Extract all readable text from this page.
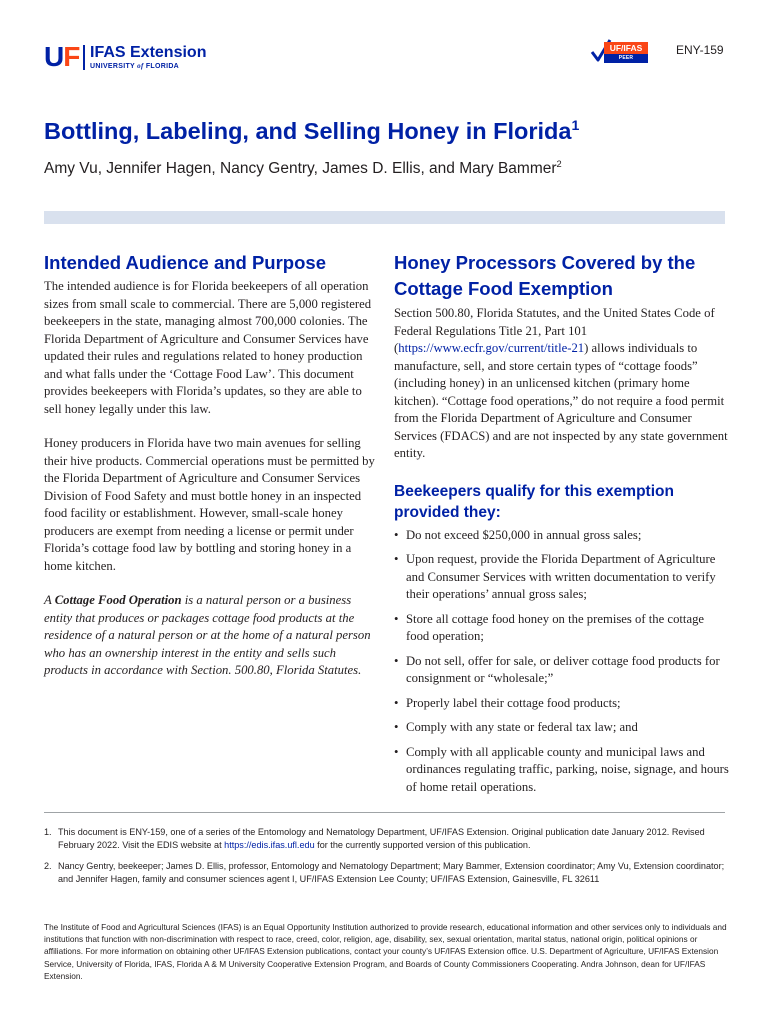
UF IFAS Extension
UNIVERSITY of FLORIDA
UF/IFAS
PEER REVIEWED
ENY-159
Bottling, Labeling, and Selling Honey in Florida$^1$
Amy Vu, Jennifer Hagen, Nancy Gentry, James D. Ellis, and Mary Bammer$^2$
Intended Audience and Purpose

The intended audience is for Florida beekeepers of all operation sizes from small scale to commercial. There are 5,000 registered beekeepers in the state, managing almost 700,000 colonies. The Florida Department of Agriculture and Consumer Services have updated their rules and regulations related to honey production and what falls under the ‘Cottage Food Law’. This document provides beekeepers with Florida’s updates, so they are able to sell honey legally under this law.

Honey producers in Florida have two main avenues for selling their hive products. Commercial operations must be permitted by the Florida Department of Agriculture and Consumer Services Division of Food Safety and must bottle honey in an inspected food facility or establishment. However, small-scale honey producers are exempt from needing a license or permit under Florida’s cottage food law by bottling and storing honey in a home kitchen.

A Cottage Food Operation is a natural person or a business entity that produces or packages cottage food products at the residence of a natural person or at the home of a natural person who has an ownership interest in the entity and sells such products in accordance with Section. 500.80, Florida Statutes.

Honey Processors Covered by the Cottage Food Exemption

Section 500.80, Florida Statutes, and the United States Code of Federal Regulations Title 21, Part 101 (https://www.ecfr.gov/current/title-21) allows individuals to manufacture, sell, and store certain types of “cottage foods” (including honey) in an unlicensed kitchen (primary home kitchen). “Cottage food operations,” do not require a food permit from the Florida Department of Agriculture and Consumer Services (FDACS) and are not inspected by any state government entity.

Beekeepers qualify for this exemption provided they:
• Do not exceed $250,000 in annual gross sales;
• Upon request, provide the Florida Department of Agriculture and Consumer Services with written documentation to verify their operations’ annual gross sales;
• Store all cottage food honey on the premises of the cottage food operation;
• Do not sell, offer for sale, or deliver cottage food products for consignment or “wholesale;”
• Properly label their cottage food products;
• Comply with any state or federal tax law; and
• Comply with all applicable county and municipal laws and ordinances regulating traffic, parking, noise, signage, and hours of home retail operations.
1. This document is ENY-159, one of a series of the Entomology and Nematology Department, UF/IFAS Extension. Original publication date January 2012. Revised February 2022. Visit the EDIS website at https://edis.ifas.ufl.edu for the currently supported version of this publication.
2. Nancy Gentry, beekeeper; James D. Ellis, professor, Entomology and Nematology Department; Mary Bammer, Extension coordinator; Amy Vu, Extension coordinator; and Jennifer Hagen, family and consumer sciences agent I, UF/IFAS Extension Lee County; UF/IFAS Extension, Gainesville, FL 32611
The Institute of Food and Agricultural Sciences (IFAS) is an Equal Opportunity Institution authorized to provide research, educational information and other services only to individuals and institutions that function with non-discrimination with respect to race, creed, color, religion, age, disability, sex, sexual orientation, marital status, national origin, political opinions or affiliations. For more information on obtaining other UF/IFAS Extension publications, contact your county’s UF/IFAS Extension office. U.S. Department of Agriculture, UF/IFAS Extension Service, University of Florida, IFAS, Florida A & M University Cooperative Extension Program, and Boards of County Commissioners Cooperating. Andra Johnson, dean for UF/IFAS Extension.
